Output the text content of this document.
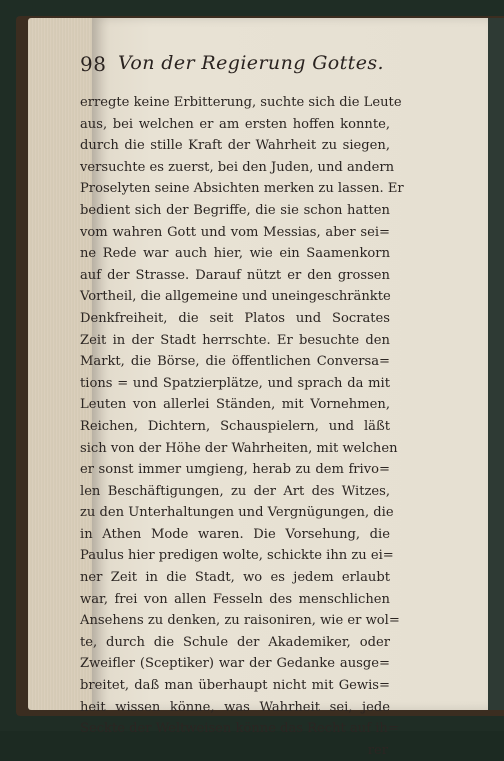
98 Von der Regierung Gottes.
erregte keine Erbitterung, suchte sich die Leute
aus, bei welchen er am ersten hoffen konnte,
durch die stille Kraft der Wahrheit zu siegen,
versuchte es zuerst, bei den Juden, und andern
Proselyten seine Absichten merken zu lassen. Er
bedient sich der Begriffe, die sie schon hatten
vom wahren Gott und vom Messias, aber sei=
ne Rede war auch hier, wie ein Saamenkorn
auf der Strasse. Darauf nützt er den grossen
Vortheil, die allgemeine und uneingeschränkte
Denkfreiheit, die seit Platos und Socrates
Zeit in der Stadt herrschte. Er besuchte den
Markt, die Börse, die öffentlichen Conversa=
tions = und Spatzierplätze, und sprach da mit
Leuten von allerlei Ständen, mit Vornehmen,
Reichen, Dichtern, Schauspielern, und läßt
sich von der Höhe der Wahrheiten, mit welchen
er sonst immer umgieng, herab zu dem frivo=
len Beschäftigungen, zu der Art des Witzes,
zu den Unterhaltungen und Vergnügungen, die
in Athen Mode waren. Die Vorsehung, die
Paulus hier predigen wolte, schickte ihn zu ei=
ner Zeit in die Stadt, wo es jedem erlaubt
war, frei von allen Fesseln des menschlichen
Ansehens zu denken, zu raisoniren, wie er wol=
te, durch die Schule der Akademiker, oder
Zweifler (Sceptiker) war der Gedanke ausge=
breitet, daß man überhaupt nicht mit Gewis=
heit wissen könne, was Wahrheit sei, jede
Seckte der Weltweisen könne das Recht auf ih=
rer
